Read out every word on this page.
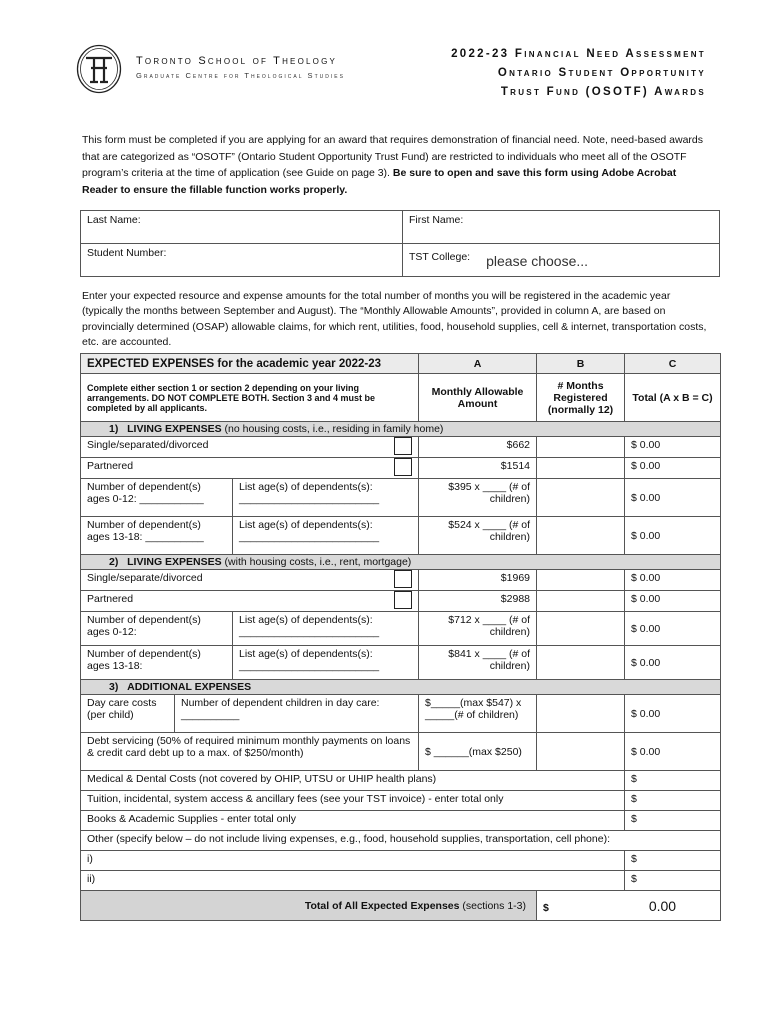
Toronto School of Theology
Graduate Centre for Theological Studies
2022-23 Financial Need Assessment
Ontario Student Opportunity
Trust Fund (OSOTF) Awards
This form must be completed if you are applying for an award that requires demonstration of financial need. Note, need-based awards that are categorized as “OSOTF” (Ontario Student Opportunity Trust Fund) are restricted to individuals who meet all of the OSOTF program’s criteria at the time of application (see Guide on page 3). Be sure to open and save this form using Adobe Acrobat Reader to ensure the fillable function works properly.
Last Name:	First Name:
Student Number:	TST College: please choose...
Enter your expected resource and expense amounts for the total number of months you will be registered in the academic year (typically the months between September and August). The “Monthly Allowable Amounts”, provided in column A, are based on provincially determined (OSAP) allowable claims, for which rent, utilities, food, household supplies, cell & internet, transportation costs, etc. are accounted.
EXPECTED EXPENSES for the academic year 2022-23			A	B	C
Complete either section 1 or section 2 depending on your living arrangements. DO NOT COMPLETE BOTH. Section 3 and 4 must be completed by all applicants.			Monthly Allowable Amount	# Months Registered (normally 12)	Total (A x B = C)
1) LIVING EXPENSES (no housing costs, i.e., residing in family home)					
Single/separated/divorced			$662		$ 0.00
Partnered			$1514		$ 0.00
Number of dependent(s) ages 0-12: ___________		List age(s) of dependents(s): ________________________	$395 x ____ (# of children)		$ 0.00
Number of dependent(s) ages 13-18: __________		List age(s) of dependents(s): ________________________	$524 x ____ (# of children)		$ 0.00
2) LIVING EXPENSES (with housing costs, i.e., rent, mortgage)					
Single/separate/divorced			$1969		$ 0.00
Partnered			$2988		$ 0.00
Number of dependent(s) ages 0-12:		List age(s) of dependents(s): ________________________	$712 x ____ (# of children)		$ 0.00
Number of dependent(s) ages 13-18:		List age(s) of dependents(s): ________________________	$841 x ____ (# of children)		$ 0.00
3) ADDITIONAL EXPENSES					
Day care costs (per child)	Number of dependent children in day care: __________		$_____(max $547) x _____(# of children)		$ 0.00
Debt servicing (50% of required minimum monthly payments on loans & credit card debt up to a max. of $250/month)			$ ______(max $250)		$ 0.00
Medical & Dental Costs (not covered by OHIP, UTSU or UHIP health plans)					$
Tuition, incidental, system access & ancillary fees (see your TST invoice) - enter total only					$
Books & Academic Supplies - enter total only					$
Other (specify below – do not include living expenses, e.g., food, household supplies, transportation, cell phone):					
i)					$
ii)					$
Total of All Expected Expenses (sections 1-3)				$ 0.00	
